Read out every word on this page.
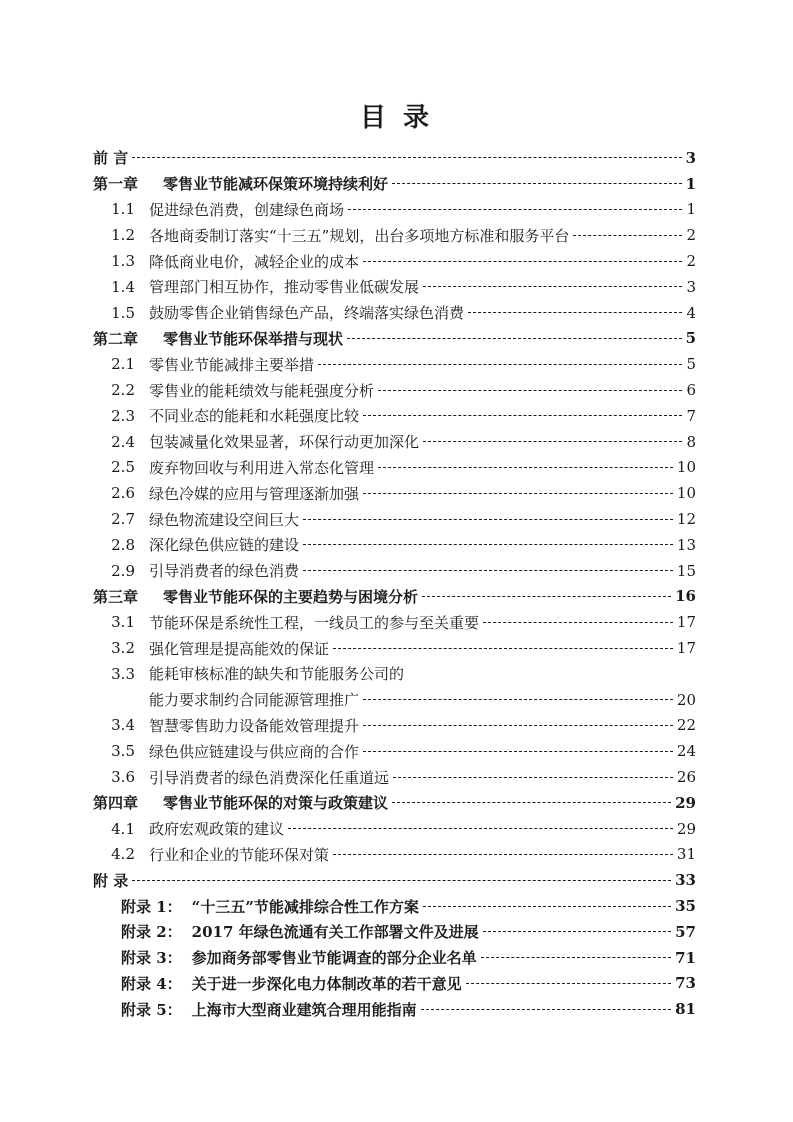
目 录
前 言	3
第一章	零售业节能减环保策环境持续利好	1
1.1 促进绿色消费，创建绿色商场	1
1.2 各地商委制订落实“十三五”规划，出台多项地方标准和服务平台	2
1.3 降低商业电价，减轻企业的成本	2
1.4 管理部门相互协作，推动零售业低碳发展	3
1.5 鼓励零售企业销售绿色产品，终端落实绿色消费	4
第二章	零售业节能环保举措与现状	5
2.1 零售业节能减排主要举措	5
2.2 零售业的能耗绩效与能耗强度分析	6
2.3 不同业态的能耗和水耗强度比较	7
2.4 包装减量化效果显著，环保行动更加深化	8
2.5 废弃物回收与利用进入常态化管理	10
2.6 绿色冷媒的应用与管理逐渐加强	10
2.7 绿色物流建设空间巨大	12
2.8 深化绿色供应链的建设	13
2.9 引导消费者的绿色消费	15
第三章	零售业节能环保的主要趋势与困境分析	16
3.1 节能环保是系统性工程，一线员工的参与至关重要	17
3.2 强化管理是提高能效的保证	17
3.3 能耗审核标准的缺失和节能服务公司的
能力要求制约合同能源管理推广	20
3.4 智慧零售助力设备能效管理提升	22
3.5 绿色供应链建设与供应商的合作	24
3.6 引导消费者的绿色消费深化任重道远	26
第四章	零售业节能环保的对策与政策建议	29
4.1 政府宏观政策的建议	29
4.2 行业和企业的节能环保对策	31
附 录	33
附录 1： “十三五”节能减排综合性工作方案	35
附录 2： 2017 年绿色流通有关工作部署文件及进展	57
附录 3： 参加商务部零售业节能调查的部分企业名单	71
附录 4： 关于进一步深化电力体制改革的若干意见	73
附录 5： 上海市大型商业建筑合理用能指南	81
